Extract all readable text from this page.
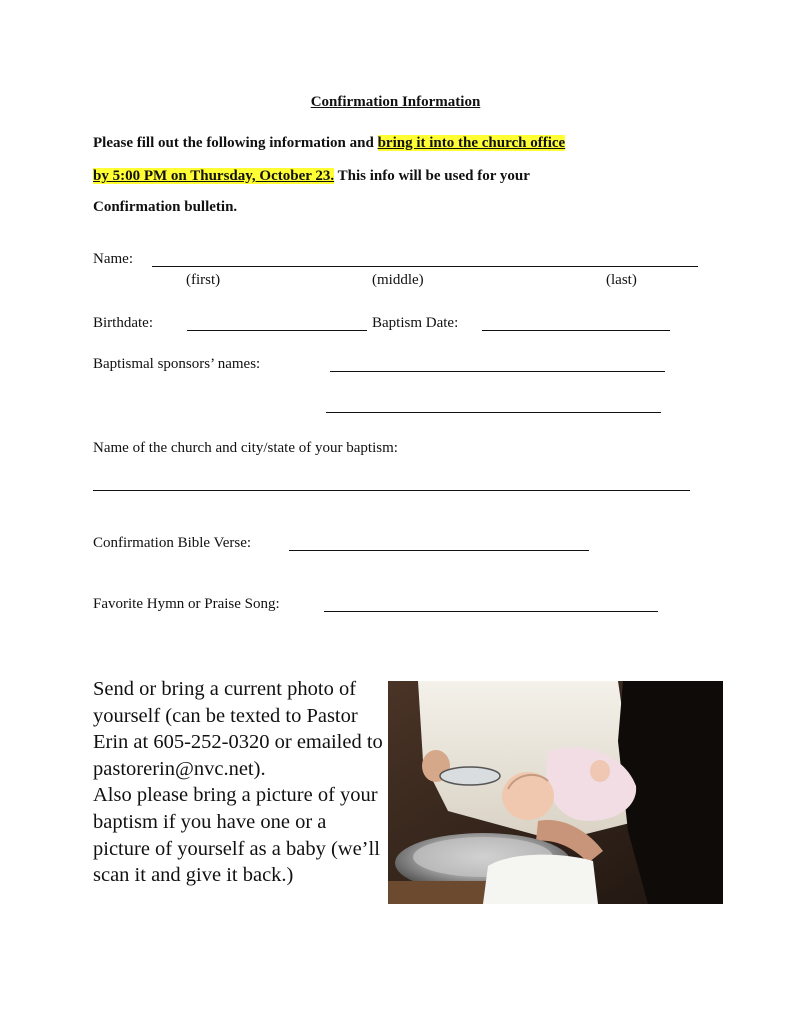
Confirmation Information
Please fill out the following information and bring it into the church office
by 5:00 PM on Thursday, October 23. This info will be used for your
Confirmation bulletin.
Name:
(first)	(middle)	(last)
Birthdate:	Baptism Date:
Baptismal sponsors’ names:
Name of the church and city/state of your baptism:
Confirmation Bible Verse:
Favorite Hymn or Praise Song:

Send or bring a current photo of yourself (can be texted to Pastor Erin at 605-252-0320 or emailed to pastorerin@nvc.net).

Also please bring a picture of your baptism if you have one or a picture of yourself as a baby (we’ll scan it and give it back.)
